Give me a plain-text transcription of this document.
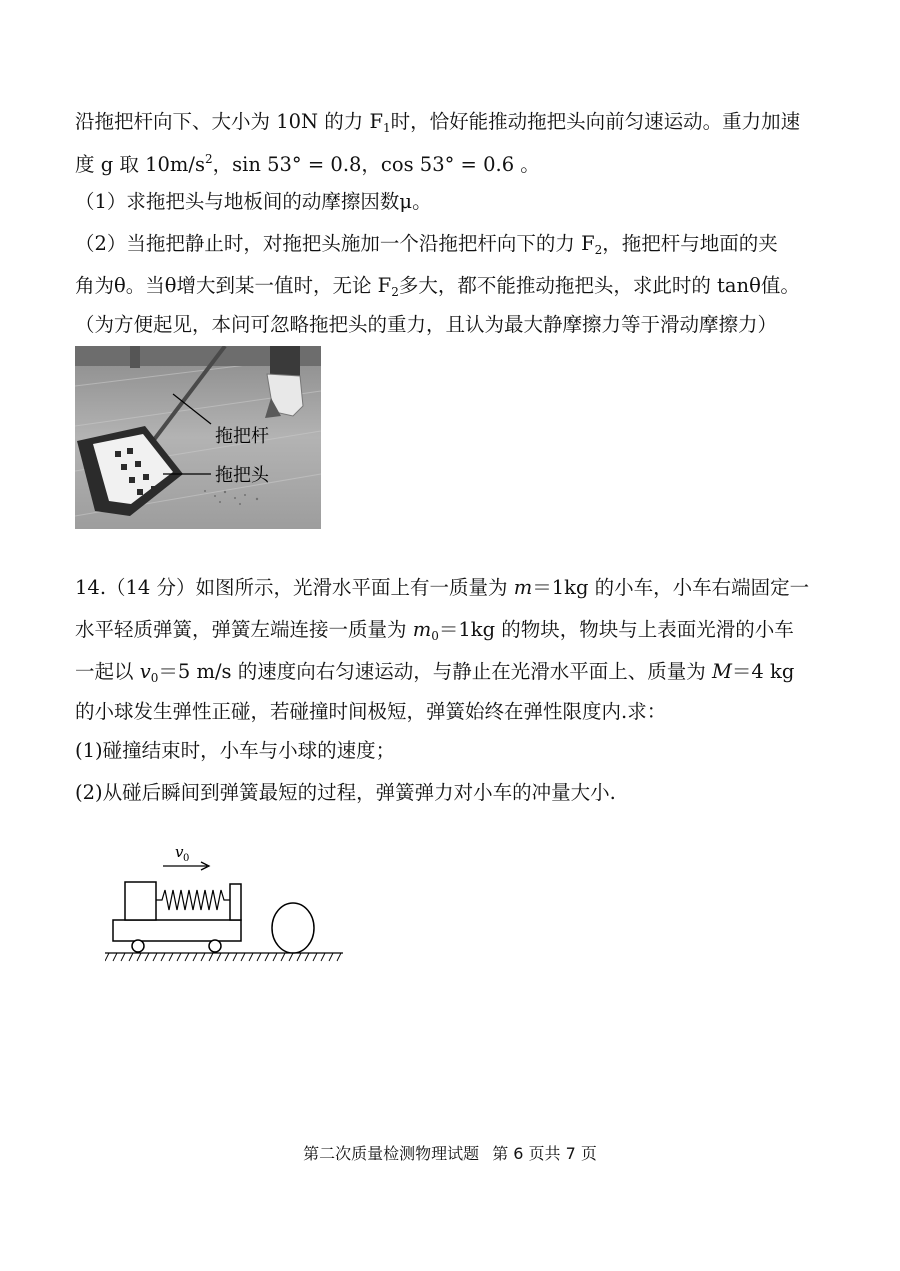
沿拖把杆向下、大小为 10N 的力 $F_1$时，恰好能推动拖把头向前匀速运动。重力加速
度 g 取 $10m/s^2$，sin 53° = 0.8，cos 53° = 0.6 。
（1）求拖把头与地板间的动摩擦因数μ。
（2）当拖把静止时，对拖把头施加一个沿拖把杆向下的力 $F_2$，拖把杆与地面的夹
角为θ。当θ增大到某一值时，无论 $F_2$多大，都不能推动拖把头，求此时的 tanθ值。
（为方便起见，本问可忽略拖把头的重力，且认为最大静摩擦力等于滑动摩擦力）
拖把杆
拖把头
14.（14 分）如图所示，光滑水平面上有一质量为 m＝1kg 的小车，小车右端固定一
水平轻质弹簧，弹簧左端连接一质量为 $m_0=1kg$ 的物块，物块与上表面光滑的小车
一起以 $v_0=5$ m/s 的速度向右匀速运动，与静止在光滑水平面上、质量为 M＝4 kg
的小球发生弹性正碰，若碰撞时间极短，弹簧始终在弹性限度内.求：
(1)碰撞结束时，小车与小球的速度；
(2)从碰后瞬间到弹簧最短的过程，弹簧弹力对小车的冲量大小.
v 0
第二次质量检测物理试题 第 6 页共 7 页
